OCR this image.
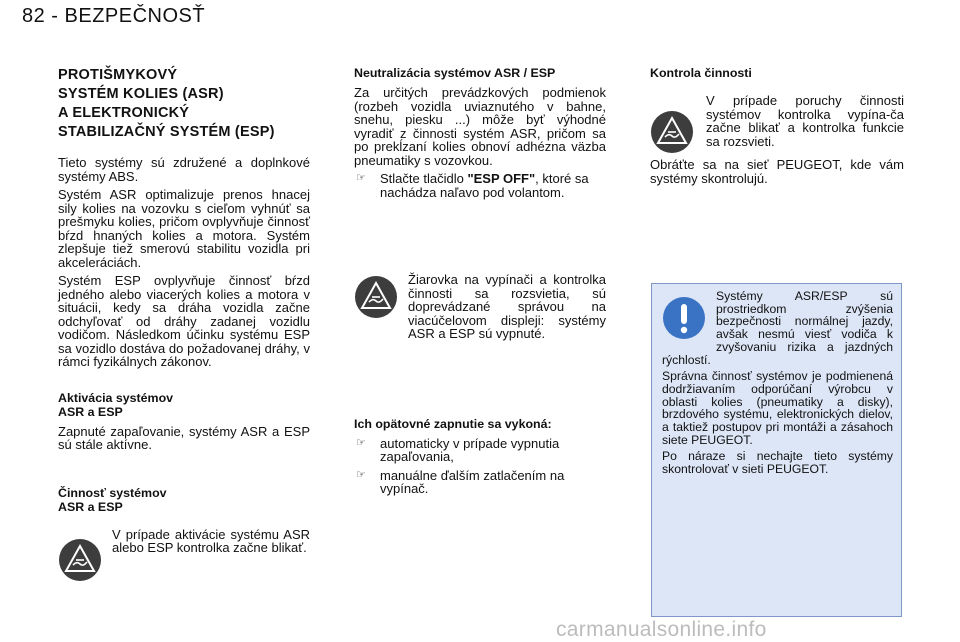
82 - BEZPEČNOSŤ
PROTIŠMYKOVÝ
SYSTÉM KOLIES (ASR)
A ELEKTRONICKÝ
STABILIZAČNÝ SYSTÉM (ESP)

Tieto systémy sú združené a doplnkové systémy ABS.

Systém ASR optimalizuje prenos hnacej sily kolies na vozovku s cieľom vyhnúť sa prešmyku kolies, pričom ovplyvňuje činnosť bŕzd hnaných kolies a motora. Systém zlepšuje tiež smerovú stabilitu vozidla pri akceleráciách.

Systém ESP ovplyvňuje činnosť bŕzd jedného alebo viacerých kolies a motora v situácii, kedy sa dráha vozidla začne odchyľovať od dráhy zadanej vozidlu vodičom. Následkom účinku systému ESP sa vozidlo dostáva do požadovanej dráhy, v rámci fyzikálnych zákonov.

Aktivácia systémov
ASR a ESP

Zapnuté zapaľovanie, systémy ASR a ESP sú stále aktívne.

Činnosť systémov
ASR a ESP

V prípade aktivácie systému ASR alebo ESP kontrolka začne blikať.

Neutralizácia systémov ASR / ESP

Za určitých prevádzkových podmienok (rozbeh vozidla uviaznutého v bahne, snehu, piesku ...) môže byť výhodné vyradiť z činnosti systém ASR, pričom sa po prekĺzaní kolies obnoví adhézna väzba pneumatiky s vozovkou.

☞	Stlačte tlačidlo "ESP OFF", ktoré sa nachádza naľavo pod volantom.

Žiarovka na vypínači a kontrolka činnosti sa rozsvietia, sú doprevádzané správou na viacúčelovom displeji: systémy ASR a ESP sú vypnuté.

Ich opätovné zapnutie sa vykoná:
☞	automaticky v prípade vypnutia zapaľovania,
☞	manuálne ďalším zatlačením na vypínač.
Kontrola činnosti

V prípade poruchy činnosti systémov kontrolka vypína-ča začne blikať a kontrolka funkcie sa rozsvieti.

Obráťte sa na sieť PEUGEOT, kde vám systémy skontrolujú.

Systémy ASR/ESP sú prostriedkom zvýšenia bezpečnosti normálnej jazdy, avšak nesmú viesť vodiča k zvyšovaniu rizika a jazdných rýchlostí.

Správna činnosť systémov je podmienená dodržiavaním odporúčaní výrobcu v oblasti kolies (pneumatiky a disky), brzdového systému, elektronických dielov, a taktiež postupov pri montáži a zásahoch siete PEUGEOT.

Po náraze si nechajte tieto systémy skontrolovať v sieti PEUGEOT.

carmanualsonline.info
